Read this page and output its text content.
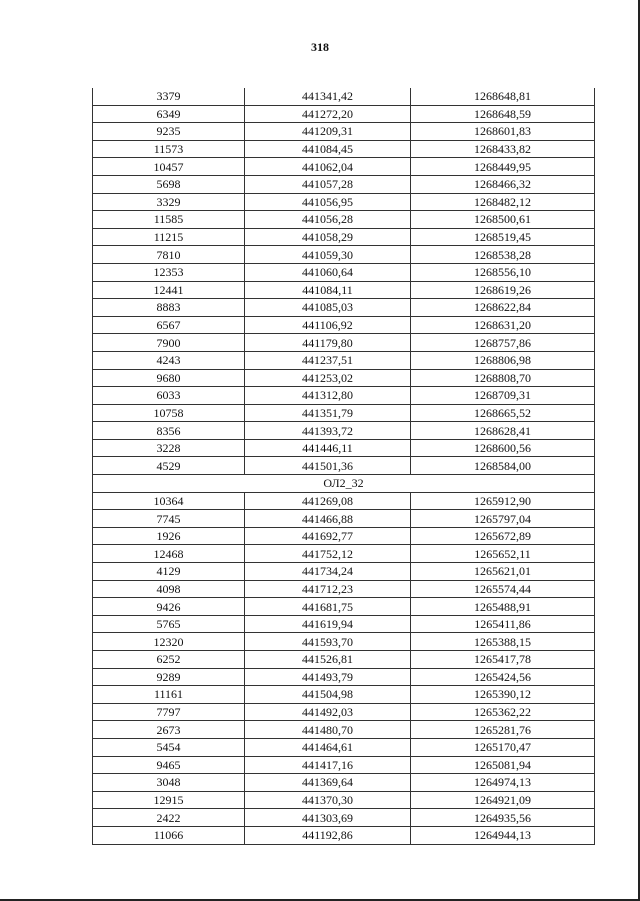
318
3379	441341,42	1268648,81
6349	441272,20	1268648,59
9235	441209,31	1268601,83
11573	441084,45	1268433,82
10457	441062,04	1268449,95
5698	441057,28	1268466,32
3329	441056,95	1268482,12
11585	441056,28	1268500,61
11215	441058,29	1268519,45
7810	441059,30	1268538,28
12353	441060,64	1268556,10
12441	441084,11	1268619,26
8883	441085,03	1268622,84
6567	441106,92	1268631,20
7900	441179,80	1268757,86
4243	441237,51	1268806,98
9680	441253,02	1268808,70
6033	441312,80	1268709,31
10758	441351,79	1268665,52
8356	441393,72	1268628,41
3228	441446,11	1268600,56
4529	441501,36	1268584,00
ОЛ2_32		
10364	441269,08	1265912,90
7745	441466,88	1265797,04
1926	441692,77	1265672,89
12468	441752,12	1265652,11
4129	441734,24	1265621,01
4098	441712,23	1265574,44
9426	441681,75	1265488,91
5765	441619,94	1265411,86
12320	441593,70	1265388,15
6252	441526,81	1265417,78
9289	441493,79	1265424,56
11161	441504,98	1265390,12
7797	441492,03	1265362,22
2673	441480,70	1265281,76
5454	441464,61	1265170,47
9465	441417,16	1265081,94
3048	441369,64	1264974,13
12915	441370,30	1264921,09
2422	441303,69	1264935,56
11066	441192,86	1264944,13
